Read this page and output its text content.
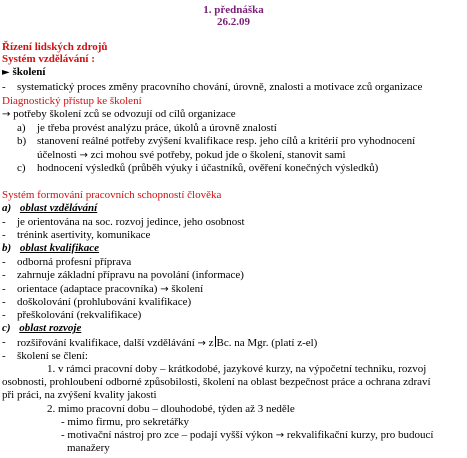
1. přednáška
26.2.09
Řízení lidských zdrojů
Systém vzdělávání :
► školení
- systematický proces změny pracovního chování, úrovně, znalosti a motivace zců organizace
Diagnostický přístup ke školení
→ potřeby školení zců se odvozují od cílů organizace
a) je třeba provést analýzu práce, úkolů a úrovně znalostí
b) stanovení reálné potřeby zvýšení kvalifikace resp. jeho cílů a kritérií pro vyhodnocení
účelnosti → zci mohou své potřeby, pokud jde o školení, stanovit sami
c) hodnocení výsledků (průběh výuky i účastníků, ověření konečných výsledků)
Systém formování pracovních schopností člověka
a) oblast vzdělávání
- je orientována na soc. rozvoj jedince, jeho osobnost
- trénink asertivity, komunikace
b) oblast kvalifikace
- odborná profesní příprava
- zahrnuje základní přípravu na povolání (informace)
- orientace (adaptace pracovníka) → školení
- doškolování (prohlubování kvalifikace)
- přeškolování (rekvalifikace)
c) oblast rozvoje
- rozšiřování kvalifikace, další vzdělávání → z Bc. na Mgr. (platí z-el)
- školení se člení:
1. v rámci pracovní doby – krátkodobé, jazykové kurzy, na výpočetní techniku, rozvoj
osobnosti, prohloubení odborné způsobilosti, školení na oblast bezpečnost práce a ochrana zdraví
při práci, na zvýšení kvality jakosti
2. mimo pracovní dobu – dlouhodobé, týden až 3 neděle
- mimo firmu, pro sekretářky
- motivační nástroj pro zce – podají vyšší výkon → rekvalifikační kurzy, pro budoucí
manažery
